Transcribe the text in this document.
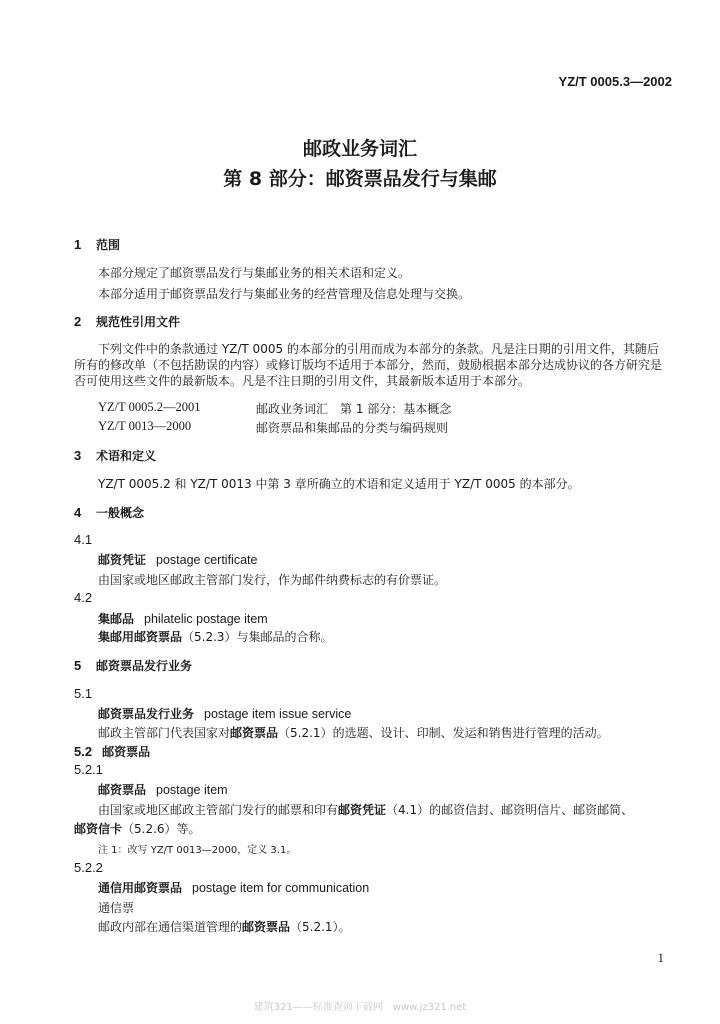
YZ/T 0005.3—2002
邮政业务词汇
第 8 部分：邮资票品发行与集邮
1 范围
本部分规定了邮资票品发行与集邮业务的相关术语和定义。
本部分适用于邮资票品发行与集邮业务的经营管理及信息处理与交换。
2 规范性引用文件
下列文件中的条款通过 YZ/T 0005 的本部分的引用而成为本部分的条款。凡是注日期的引用文件，其随后所有的修改单（不包括勘误的内容）或修订版均不适用于本部分，然而，鼓励根据本部分达成协议的各方研究是否可使用这些文件的最新版本。凡是不注日期的引用文件，其最新版本适用于本部分。
YZ/T 0005.2—2001	邮政业务词汇　第 1 部分：基本概念
YZ/T 0013—2000	邮资票品和集邮品的分类与编码规则
3 术语和定义
YZ/T 0005.2 和 YZ/T 0013 中第 3 章所确立的术语和定义适用于 YZ/T 0005 的本部分。
4 一般概念
4.1
邮资凭证 postage certificate
由国家或地区邮政主管部门发行，作为邮件纳费标志的有价票证。
4.2
集邮品 philatelic postage item
集邮用邮资票品（5.2.3）与集邮品的合称。
5 邮资票品发行业务
5.1
邮资票品发行业务 postage item issue service
邮政主管部门代表国家对邮资票品（5.2.1）的选题、设计、印制、发运和销售进行管理的活动。
5.2 邮资票品
5.2.1
邮资票品 postage item
由国家或地区邮政主管部门发行的邮票和印有邮资凭证（4.1）的邮资信封、邮资明信片、邮资邮简、
邮资信卡（5.2.6）等。
注 1：改写 YZ/T 0013—2000，定义 3.1。
5.2.2
通信用邮资票品 postage item for communication
通信票
邮政内部在通信渠道管理的邮资票品（5.2.1）。
1
建筑321——标准查询下载网　www.jz321.net
